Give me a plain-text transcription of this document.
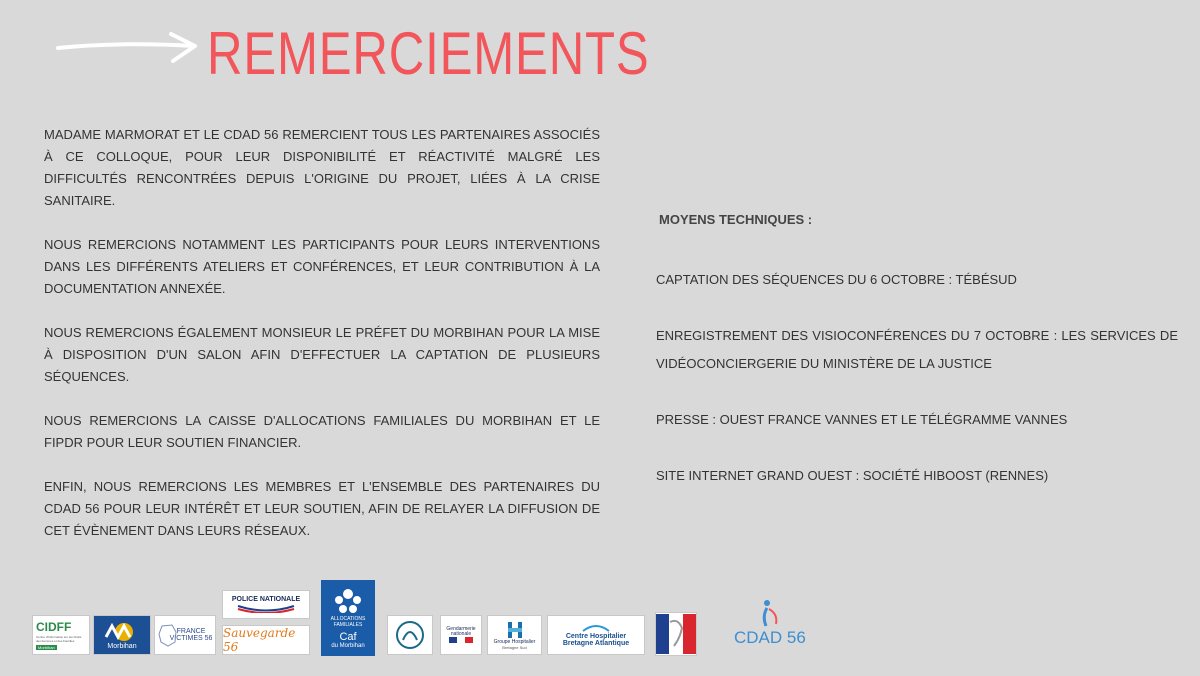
REMERCIEMENTS

MADAME MARMORAT ET LE CDAD 56 REMERCIENT TOUS LES PARTENAIRES ASSOCIÉS À CE COLLOQUE, POUR LEUR DISPONIBILITÉ ET RÉACTIVITÉ MALGRÉ LES DIFFICULTÉS RENCONTRÉES DEPUIS L'ORIGINE DU PROJET, LIÉES À LA CRISE SANITAIRE.

NOUS REMERCIONS NOTAMMENT LES PARTICIPANTS POUR LEURS INTERVENTIONS DANS LES DIFFÉRENTS ATELIERS ET CONFÉRENCES, ET LEUR CONTRIBUTION À LA DOCUMENTATION ANNEXÉE.

NOUS REMERCIONS ÉGALEMENT MONSIEUR LE PRÉFET DU MORBIHAN POUR LA MISE À DISPOSITION D'UN SALON AFIN D'EFFECTUER LA CAPTATION DE PLUSIEURS SÉQUENCES.

NOUS REMERCIONS LA CAISSE D'ALLOCATIONS FAMILIALES DU MORBIHAN ET LE FIPDR POUR LEUR SOUTIEN FINANCIER.

ENFIN, NOUS REMERCIONS LES MEMBRES ET L'ENSEMBLE DES PARTENAIRES DU CDAD 56 POUR LEUR INTÉRÊT ET LEUR SOUTIEN, AFIN DE RELAYER LA DIFFUSION DE CET ÉVÈNEMENT DANS LEURS RÉSEAUX.

MOYENS TECHNIQUES :

CAPTATION DES SÉQUENCES DU 6 OCTOBRE : TÉBÉSUD

ENREGISTREMENT DES VISIOCONFÉRENCES DU 7 OCTOBRE : LES SERVICES DE VIDÉOCONCIERGERIE DU MINISTÈRE DE LA JUSTICE

PRESSE : OUEST FRANCE VANNES ET LE TÉLÉGRAMME VANNES

SITE INTERNET GRAND OUEST : SOCIÉTÉ HIBOOST (RENNES)

CIDFF
Centre d'Information sur les Droits des Femmes et des Familles
Morbihan	Morbihan
FRANCE VICTIMES 56
POLICE NATIONALE
Sauvegarde 56
ALLOCATIONS FAMILIALES
Caf
du Morbihan
Gendarmerie nationale
Groupe Hospitalier
Bretagne Sud
Centre Hospitalier
Bretagne Atlantique	CDAD 56
